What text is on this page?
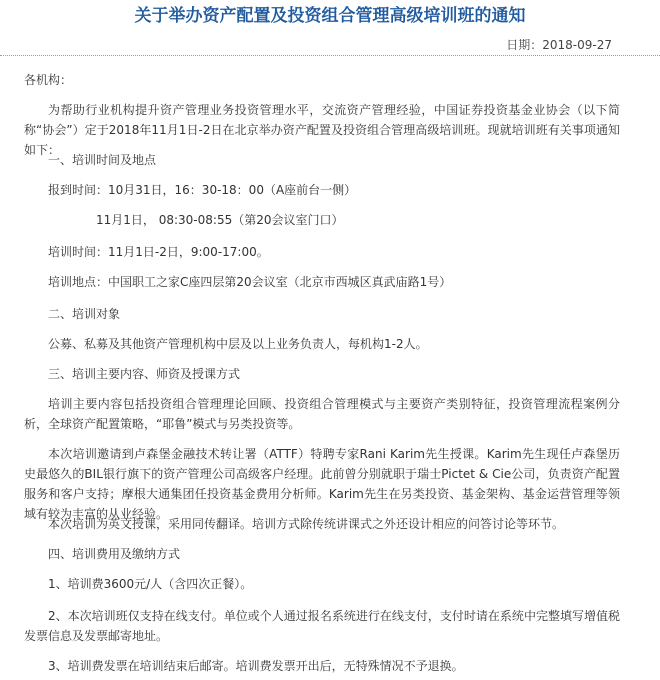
关于举办资产配置及投资组合管理高级培训班的通知
日期：2018-09-27

各机构：

为帮助行业机构提升资产管理业务投资管理水平，交流资产管理经验，中国证券投资基金业协会（以下简称“协会”）定于2018年11月1日-2日在北京举办资产配置及投资组合管理高级培训班。现就培训班有关事项通知如下：

一、培训时间及地点

报到时间：10月31日，16：30-18：00（A座前台一侧）

11月1日， 08:30-08:55（第20会议室门口）

培训时间：11月1日-2日，9:00-17:00。

培训地点：中国职工之家C座四层第20会议室（北京市西城区真武庙路1号）

二、培训对象

公募、私募及其他资产管理机构中层及以上业务负责人，每机构1-2人。

三、培训主要内容、师资及授课方式

培训主要内容包括投资组合管理理论回顾、投资组合管理模式与主要资产类别特征，投资管理流程案例分析，全球资产配置策略，“耶鲁”模式与另类投资等。

本次培训邀请到卢森堡金融技术转让署（ATTF）特聘专家Rani Karim先生授课。Karim先生现任卢森堡历史最悠久的BIL银行旗下的资产管理公司高级客户经理。此前曾分别就职于瑞士Pictet & Cie公司，负责资产配置服务和客户支持；摩根大通集团任投资基金费用分析师。Karim先生在另类投资、基金架构、基金运营管理等领域有较为丰富的从业经验。

本次培训为英文授课，采用同传翻译。培训方式除传统讲课式之外还设计相应的问答讨论等环节。

四、培训费用及缴纳方式

1、培训费3600元/人（含四次正餐）。

2、本次培训班仅支持在线支付。单位或个人通过报名系统进行在线支付，支付时请在系统中完整填写增值税发票信息及发票邮寄地址。

3、培训费发票在培训结束后邮寄。培训费发票开出后，无特殊情况不予退换。
